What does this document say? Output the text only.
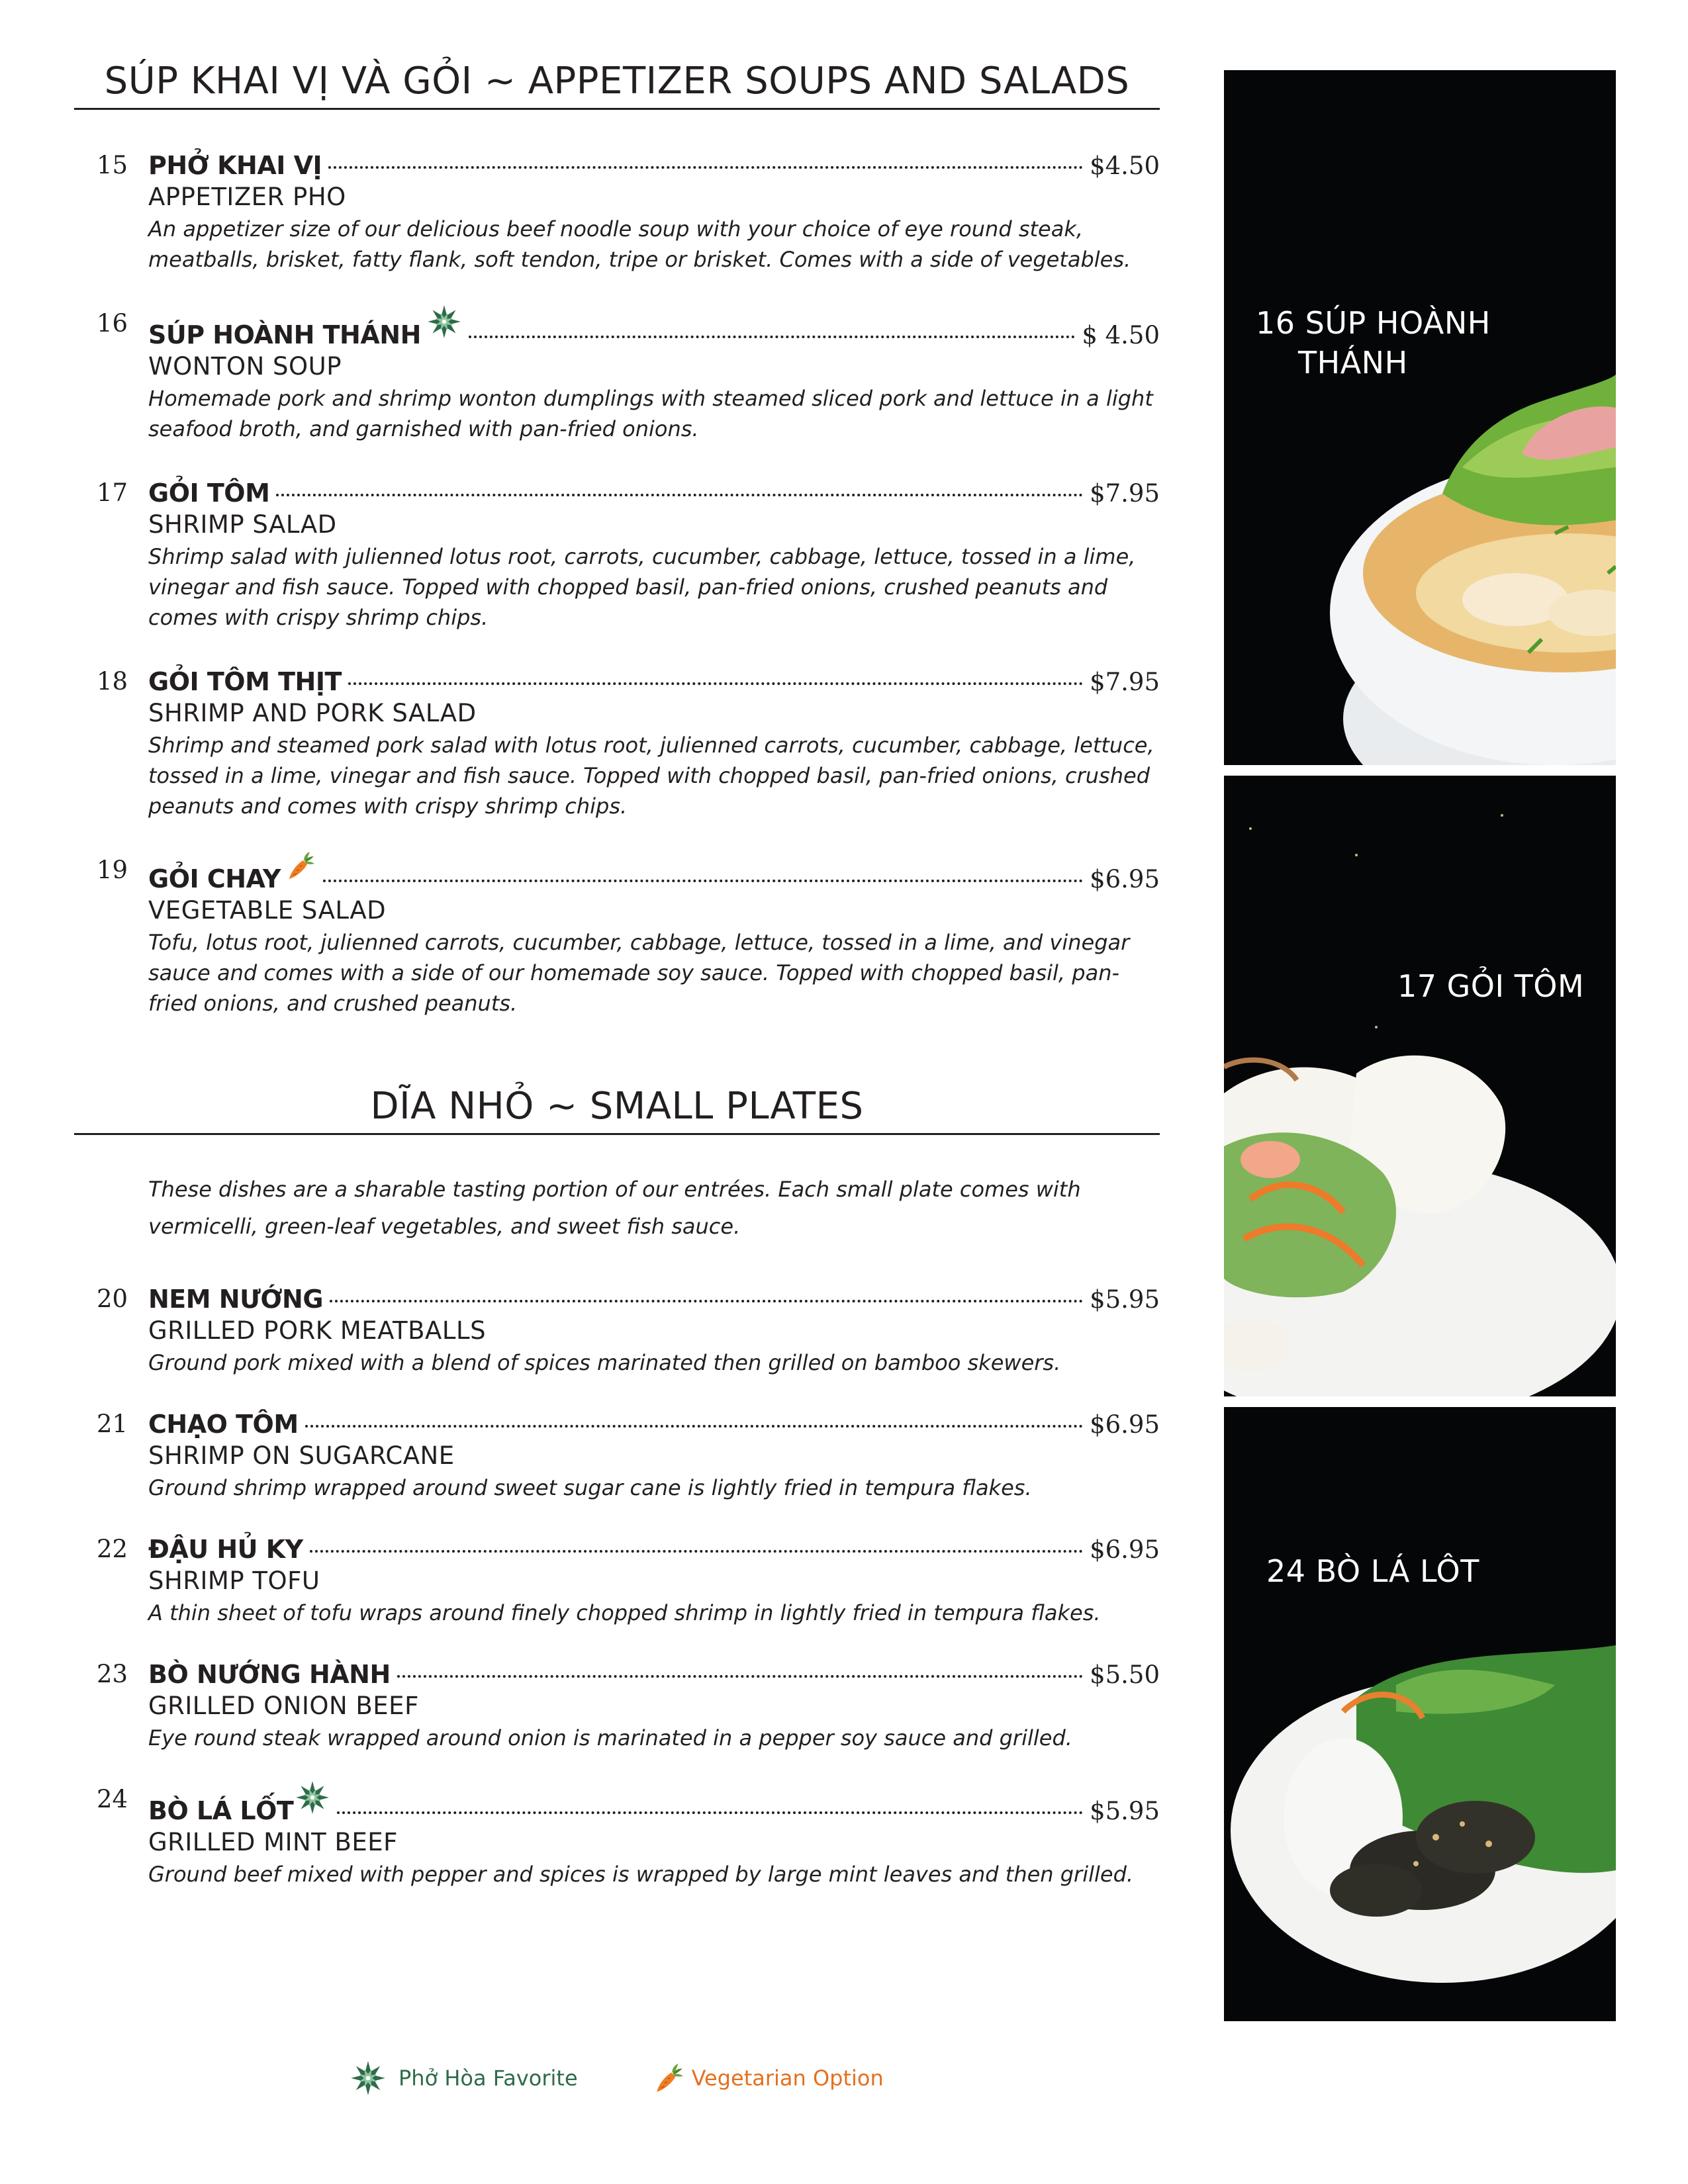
SÚP KHAI VỊ VÀ GỎI ~ APPETIZER SOUPS AND SALADS
15 PHỞ KHAI VỊ	$4.50
APPETIZER PHO
An appetizer size of our delicious beef noodle soup with your choice of eye round steak, meatballs, brisket, fatty flank, soft tendon, tripe or brisket. Comes with a side of vegetables.
16 SÚP HOÀNH THÁNH	$ 4.50
WONTON SOUP
Homemade pork and shrimp wonton dumplings with steamed sliced pork and lettuce in a light seafood broth, and garnished with pan-fried onions.
17 GỎI TÔM	$7.95
SHRIMP SALAD
Shrimp salad with julienned lotus root, carrots, cucumber, cabbage, lettuce, tossed in a lime, vinegar and fish sauce. Topped with chopped basil, pan-fried onions, crushed peanuts and comes with crispy shrimp chips.
18 GỎI TÔM THỊT	$7.95
SHRIMP AND PORK SALAD
Shrimp and steamed pork salad with lotus root, julienned carrots, cucumber, cabbage, lettuce, tossed in a lime, vinegar and fish sauce. Topped with chopped basil, pan-fried onions, crushed peanuts and comes with crispy shrimp chips.
19 GỎI CHAY	$6.95
VEGETABLE SALAD
Tofu, lotus root, julienned carrots, cucumber, cabbage, lettuce, tossed in a lime, and vinegar sauce and comes with a side of our homemade soy sauce. Topped with chopped basil, pan-fried onions, and crushed peanuts.
DĨA NHỎ ~ SMALL PLATES
These dishes are a sharable tasting portion of our entrées. Each small plate comes with vermicelli, green-leaf vegetables, and sweet fish sauce.
20 NEM NƯỚNG	$5.95
GRILLED PORK MEATBALLS
Ground pork mixed with a blend of spices marinated then grilled on bamboo skewers.
21 CHẠO TÔM	$6.95
SHRIMP ON SUGARCANE
Ground shrimp wrapped around sweet sugar cane is lightly fried in tempura flakes.
22 ĐẬU HỦ KY	$6.95
SHRIMP TOFU
A thin sheet of tofu wraps around finely chopped shrimp in lightly fried in tempura flakes.
23 BÒ NƯỚNG HÀNH	$5.50
GRILLED ONION BEEF
Eye round steak wrapped around onion is marinated in a pepper soy sauce and grilled.
24 BÒ LÁ LỐT	$5.95
GRILLED MINT BEEF
Ground beef mixed with pepper and spices is wrapped by large mint leaves and then grilled.
16 SÚP HOÀNH
THÁNH
17 GỎI TÔM
24 BÒ LÁ LÔT
Phở Hòa Favorite	Vegetarian Option
